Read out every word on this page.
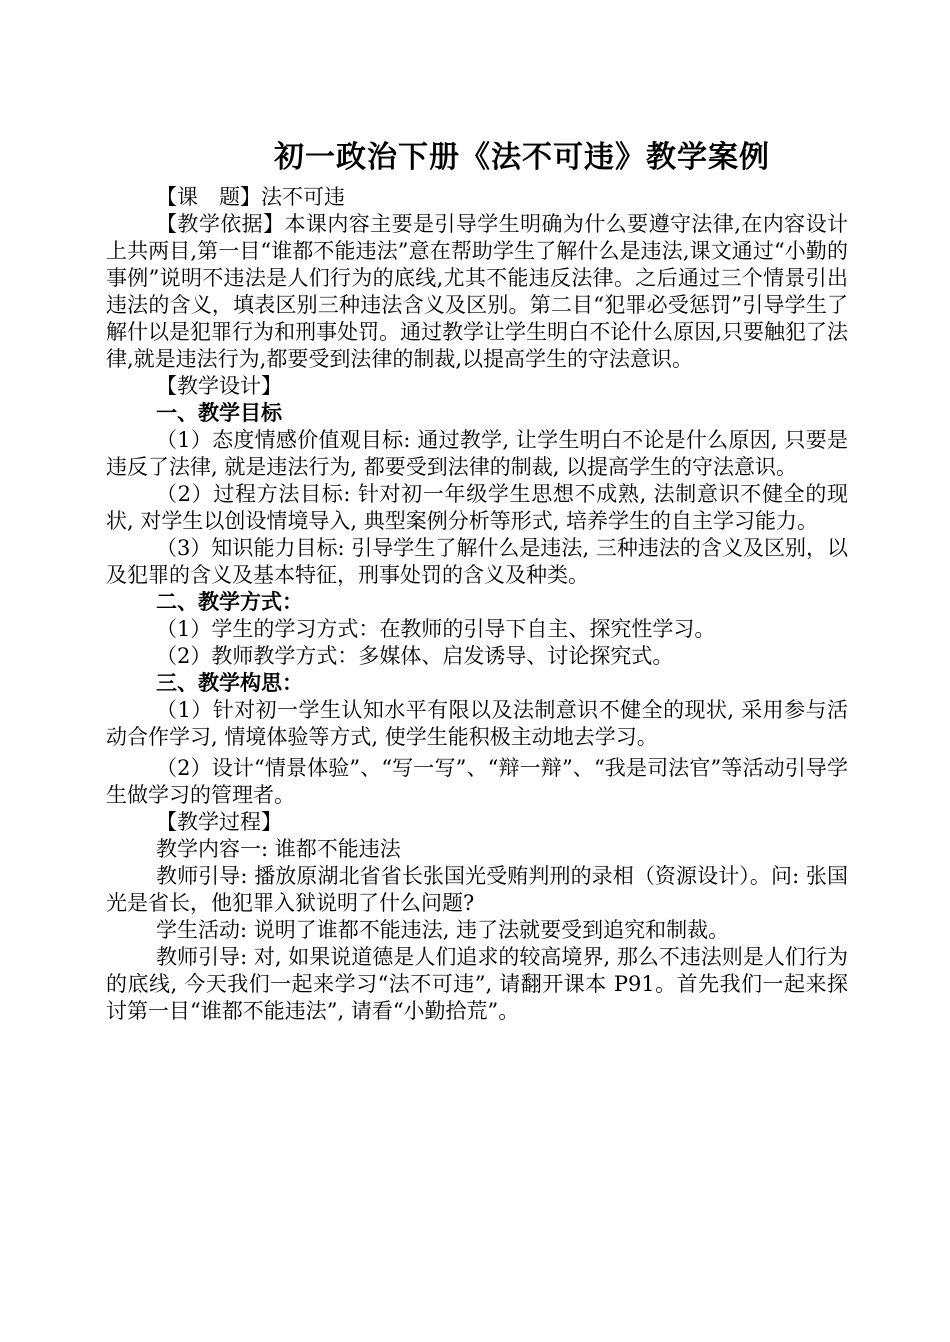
初一政治下册《法不可违》教学案例

【课　题】法不可违

【教学依据】本课内容主要是引导学生明确为什么要遵守法律,在内容设计上共两目,第一目“谁都不能违法”意在帮助学生了解什么是违法,课文通过“小勤的事例”说明不违法是人们行为的底线,尤其不能违反法律。之后通过三个情景引出违法的含义，填表区别三种违法含义及区别。第二目“犯罪必受惩罚”引导学生了解什以是犯罪行为和刑事处罚。通过教学让学生明白不论什么原因,只要触犯了法律,就是违法行为,都要受到法律的制裁,以提高学生的守法意识。

【教学设计】

一、教学目标

（1）态度情感价值观目标: 通过教学, 让学生明白不论是什么原因, 只要是违反了法律, 就是违法行为, 都要受到法律的制裁, 以提高学生的守法意识。

（2）过程方法目标: 针对初一年级学生思想不成熟, 法制意识不健全的现状, 对学生以创设情境导入, 典型案例分析等形式, 培养学生的自主学习能力。

（3）知识能力目标: 引导学生了解什么是违法, 三种违法的含义及区别，以及犯罪的含义及基本特征，刑事处罚的含义及种类。

二、教学方式：

（1）学生的学习方式：在教师的引导下自主、探究性学习。

（2）教师教学方式：多媒体、启发诱导、讨论探究式。

三、教学构思：

（1）针对初一学生认知水平有限以及法制意识不健全的现状, 采用参与活动合作学习, 情境体验等方式, 使学生能积极主动地去学习。

（2）设计“情景体验”、“写一写”、“辩一辩”、“我是司法官”等活动引导学生做学习的管理者。

【教学过程】

教学内容一: 谁都不能违法

教师引导: 播放原湖北省省长张国光受贿判刑的录相（资源设计）。问: 张国光是省长，他犯罪入狱说明了什么问题?

学生活动: 说明了谁都不能违法, 违了法就要受到追究和制裁。

教师引导: 对, 如果说道德是人们追求的较高境界, 那么不违法则是人们行为的底线, 今天我们一起来学习“法不可违”, 请翻开课本 P91。首先我们一起来探讨第一目“谁都不能违法”, 请看“小勤拾荒”。
